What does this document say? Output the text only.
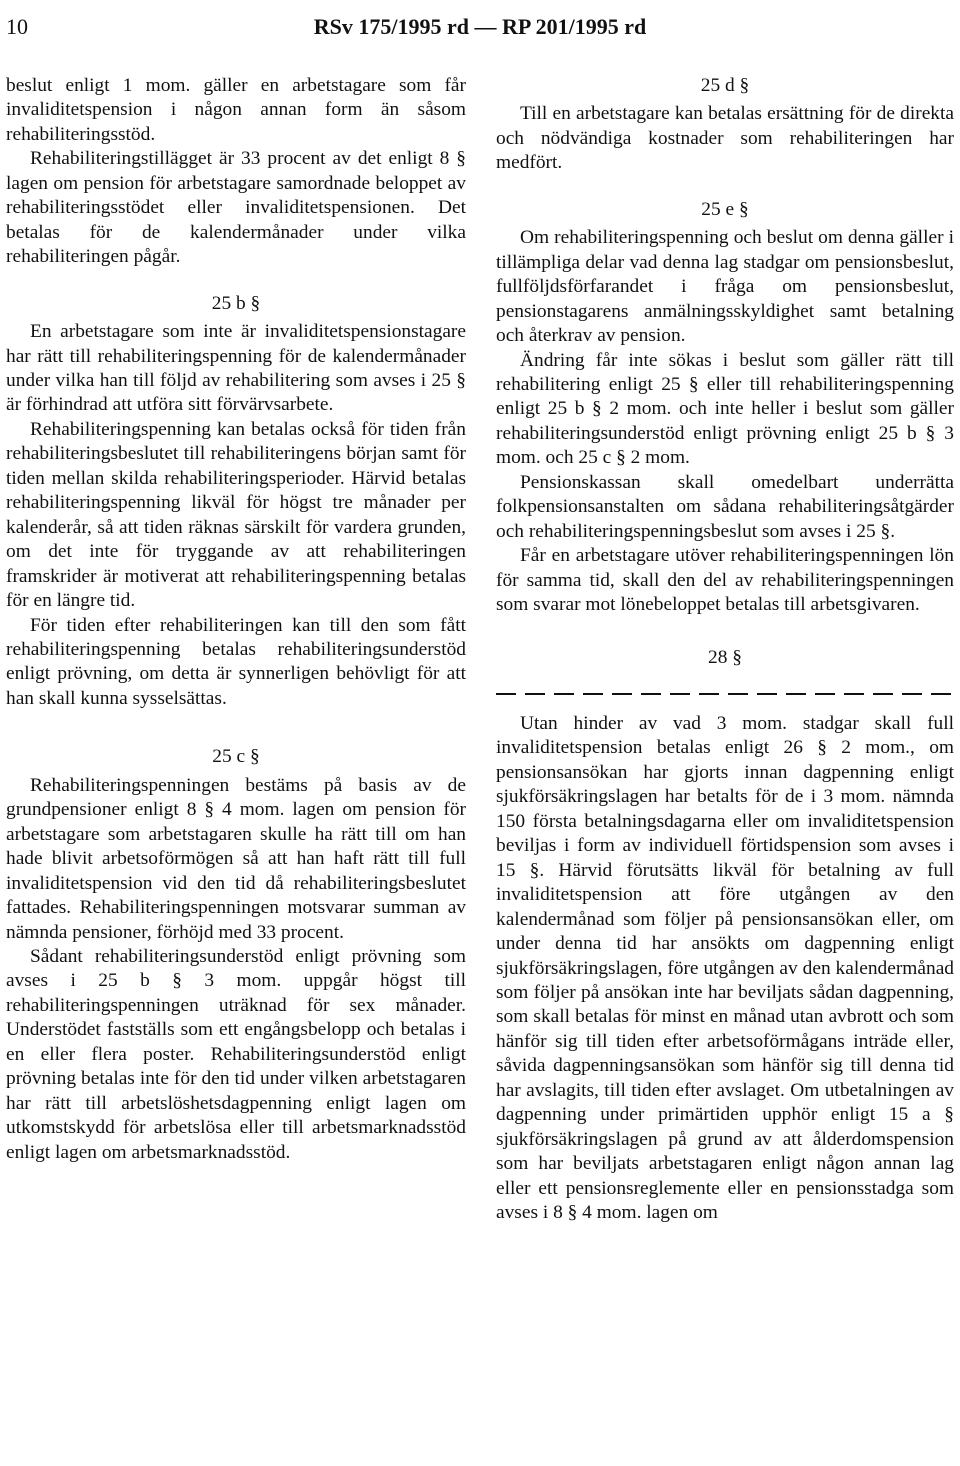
10	RSv 175/1995 rd — RP 201/1995 rd

beslut enligt 1 mom. gäller en arbetstagare som får invaliditetspension i någon annan form än såsom rehabiliteringsstöd.

Rehabiliteringstillägget är 33 procent av det enligt 8 § lagen om pension för arbetstagare samordnade beloppet av rehabiliteringsstödet eller invaliditetspensionen. Det betalas för de kalendermånader under vilka rehabiliteringen pågår.

25 b §

En arbetstagare som inte är invaliditetspensionstagare har rätt till rehabiliteringspenning för de kalendermånader under vilka han till följd av rehabilitering som avses i 25 § är förhindrad att utföra sitt förvärvsarbete.

Rehabiliteringspenning kan betalas också för tiden från rehabiliteringsbeslutet till rehabiliteringens början samt för tiden mellan skilda rehabiliteringsperioder. Härvid betalas rehabiliteringspenning likväl för högst tre månader per kalenderår, så att tiden räknas särskilt för vardera grunden, om det inte för tryggande av att rehabiliteringen framskrider är motiverat att rehabiliteringspenning betalas för en längre tid.

För tiden efter rehabiliteringen kan till den som fått rehabiliteringspenning betalas rehabiliteringsunderstöd enligt prövning, om detta är synnerligen behövligt för att han skall kunna sysselsättas.

25 c §

Rehabiliteringspenningen bestäms på basis av de grundpensioner enligt 8 § 4 mom. lagen om pension för arbetstagare som arbetstagaren skulle ha rätt till om han hade blivit arbetsoförmögen så att han haft rätt till full invaliditetspension vid den tid då rehabiliteringsbeslutet fattades. Rehabiliteringspenningen motsvarar summan av nämnda pensioner, förhöjd med 33 procent.

Sådant rehabiliteringsunderstöd enligt prövning som avses i 25 b § 3 mom. uppgår högst till rehabiliteringspenningen uträknad för sex månader. Understödet fastställs som ett engångsbelopp och betalas i en eller flera poster. Rehabiliteringsunderstöd enligt prövning betalas inte för den tid under vilken arbetstagaren har rätt till arbetslöshetsdagpenning enligt lagen om utkomstskydd för arbetslösa eller till arbetsmarknadsstöd enligt lagen om arbetsmarknadsstöd.

25 d §

Till en arbetstagare kan betalas ersättning för de direkta och nödvändiga kostnader som rehabiliteringen har medfört.

25 e §

Om rehabiliteringspenning och beslut om denna gäller i tillämpliga delar vad denna lag stadgar om pensionsbeslut, fullföljdsförfarandet i fråga om pensionsbeslut, pensionstagarens anmälningsskyldighet samt betalning och återkrav av pension.

Ändring får inte sökas i beslut som gäller rätt till rehabilitering enligt 25 § eller till rehabiliteringspenning enligt 25 b § 2 mom. och inte heller i beslut som gäller rehabiliteringsunderstöd enligt prövning enligt 25 b § 3 mom. och 25 c § 2 mom.

Pensionskassan skall omedelbart underrätta folkpensionsanstalten om sådana rehabiliteringsåtgärder och rehabiliteringspenningsbeslut som avses i 25 §.

Får en arbetstagare utöver rehabiliteringspenningen lön för samma tid, skall den del av rehabiliteringspenningen som svarar mot lönebeloppet betalas till arbetsgivaren.

28 §

Utan hinder av vad 3 mom. stadgar skall full invaliditetspension betalas enligt 26 § 2 mom., om pensionsansökan har gjorts innan dagpenning enligt sjukförsäkringslagen har betalts för de i 3 mom. nämnda 150 första betalningsdagarna eller om invaliditetspension beviljas i form av individuell förtidspension som avses i 15 §. Härvid förutsätts likväl för betalning av full invaliditetspension att före utgången av den kalendermånad som följer på pensionsansökan eller, om under denna tid har ansökts om dagpenning enligt sjukförsäkringslagen, före utgången av den kalendermånad som följer på ansökan inte har beviljats sådan dagpenning, som skall betalas för minst en månad utan avbrott och som hänför sig till tiden efter arbetsoförmågans inträde eller, såvida dagpenningsansökan som hänför sig till denna tid har avslagits, till tiden efter avslaget. Om utbetalningen av dagpenning under primärtiden upphör enligt 15 a § sjukförsäkringslagen på grund av att ålderdomspension som har beviljats arbetstagaren enligt någon annan lag eller ett pensionsreglemente eller en pensionsstadga som avses i 8 § 4 mom. lagen om
